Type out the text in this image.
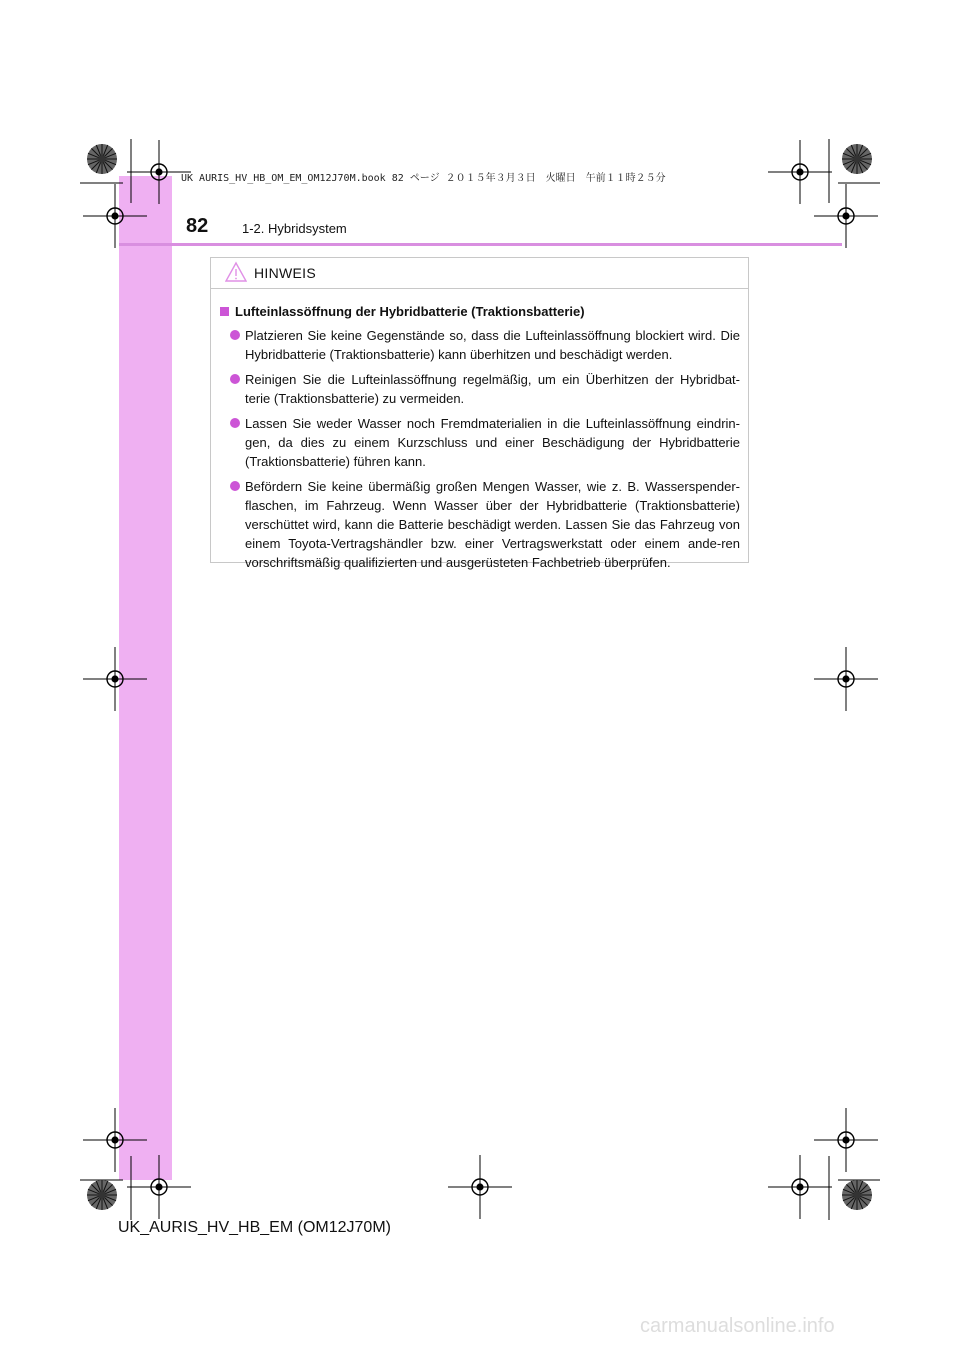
UK AURIS_HV_HB_OM_EM_OM12J70M.book 82 ページ ２０１５年３月３日　火曜日　午前１１時２５分
82	1-2. Hybridsystem
HINWEIS
Lufteinlassöffnung der Hybridbatterie (Traktionsbatterie)
Platzieren Sie keine Gegenstände so, dass die Lufteinlassöffnung blockiert wird. Die Hybridbatterie (Traktionsbatterie) kann überhitzen und beschädigt werden.
Reinigen Sie die Lufteinlassöffnung regelmäßig, um ein Überhitzen der Hybridbat-terie (Traktionsbatterie) zu vermeiden.
Lassen Sie weder Wasser noch Fremdmaterialien in die Lufteinlassöffnung eindrin-gen, da dies zu einem Kurzschluss und einer Beschädigung der Hybridbatterie (Traktionsbatterie) führen kann.
Befördern Sie keine übermäßig großen Mengen Wasser, wie z. B. Wasserspender-flaschen, im Fahrzeug. Wenn Wasser über der Hybridbatterie (Traktionsbatterie) verschüttet wird, kann die Batterie beschädigt werden. Lassen Sie das Fahrzeug von einem Toyota-Vertragshändler bzw. einer Vertragswerkstatt oder einem ande-ren vorschriftsmäßig qualifizierten und ausgerüsteten Fachbetrieb überprüfen.
UK_AURIS_HV_HB_EM (OM12J70M)
carmanualsonline.info
